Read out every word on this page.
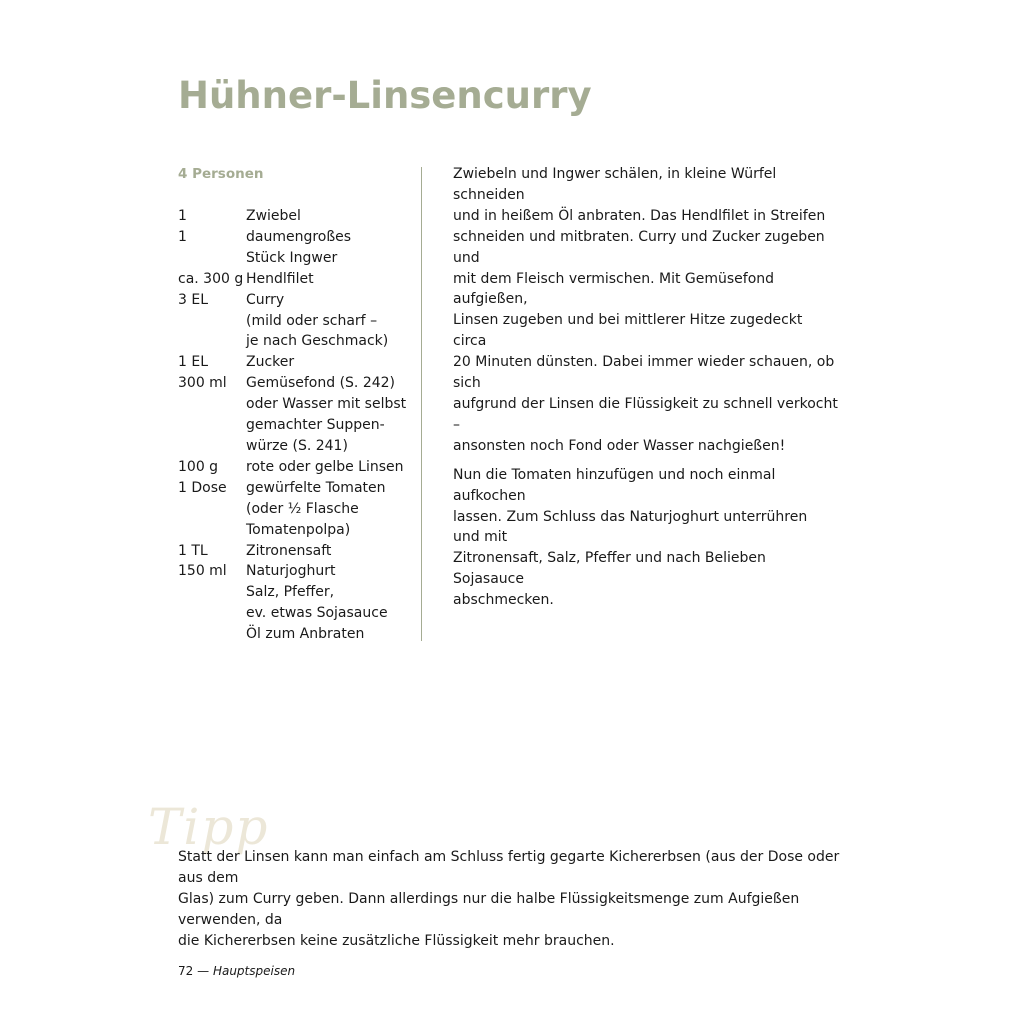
Hühner-Linsencurry
4 Personen
1	Zwiebel
1	daumengroßes
Stück Ingwer
ca. 300 g Hendlfilet
3 EL	Curry
(mild oder scharf –
je nach Geschmack)
1 EL	Zucker
300 ml	Gemüsefond (S. 242)
oder Wasser mit selbst
gemachter Suppen-
würze (S. 241)
100 g	rote oder gelbe Linsen
1 Dose	gewürfelte Tomaten
(oder ½ Flasche
Tomatenpolpa)
1 TL	Zitronensaft
150 ml	Naturjoghurt
Salz, Pfeffer,
ev. etwas Sojasauce
Öl zum Anbraten

Zwiebeln und Ingwer schälen, in kleine Würfel schneiden
und in heißem Öl anbraten. Das Hendlfilet in Streifen
schneiden und mitbraten. Curry und Zucker zugeben und
mit dem Fleisch vermischen. Mit Gemüsefond aufgießen,
Linsen zugeben und bei mittlerer Hitze zugedeckt circa
20 Minuten dünsten. Dabei immer wieder schauen, ob sich
aufgrund der Linsen die Flüssigkeit zu schnell verkocht –
ansonsten noch Fond oder Wasser nachgießen!

Nun die Tomaten hinzufügen und noch einmal aufkochen
lassen. Zum Schluss das Naturjoghurt unterrühren und mit
Zitronensaft, Salz, Pfeffer und nach Belieben Sojasauce
abschmecken.

Tipp
Statt der Linsen kann man einfach am Schluss fertig gegarte Kichererbsen (aus der Dose oder aus dem
Glas) zum Curry geben. Dann allerdings nur die halbe Flüssigkeitsmenge zum Aufgießen verwenden, da
die Kichererbsen keine zusätzliche Flüssigkeit mehr brauchen.
72 — Hauptspeisen
